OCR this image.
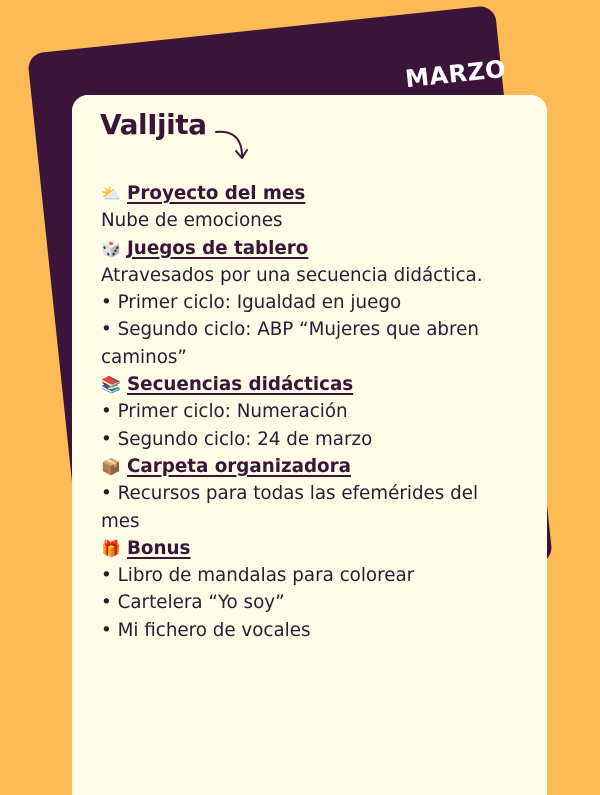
MARZO
ValIjita
⛅ Proyecto del mes
Nube de emociones
🎲 Juegos de tablero
Atravesados por una secuencia didáctica.
• Primer ciclo: Igualdad en juego
• Segundo ciclo: ABP “Mujeres que abren caminos”
📚 Secuencias didácticas
• Primer ciclo: Numeración
• Segundo ciclo: 24 de marzo
📦 Carpeta organizadora
• Recursos para todas las efemérides del mes
🎁 Bonus
• Libro de mandalas para colorear
• Cartelera “Yo soy”
• Mi fichero de vocales
